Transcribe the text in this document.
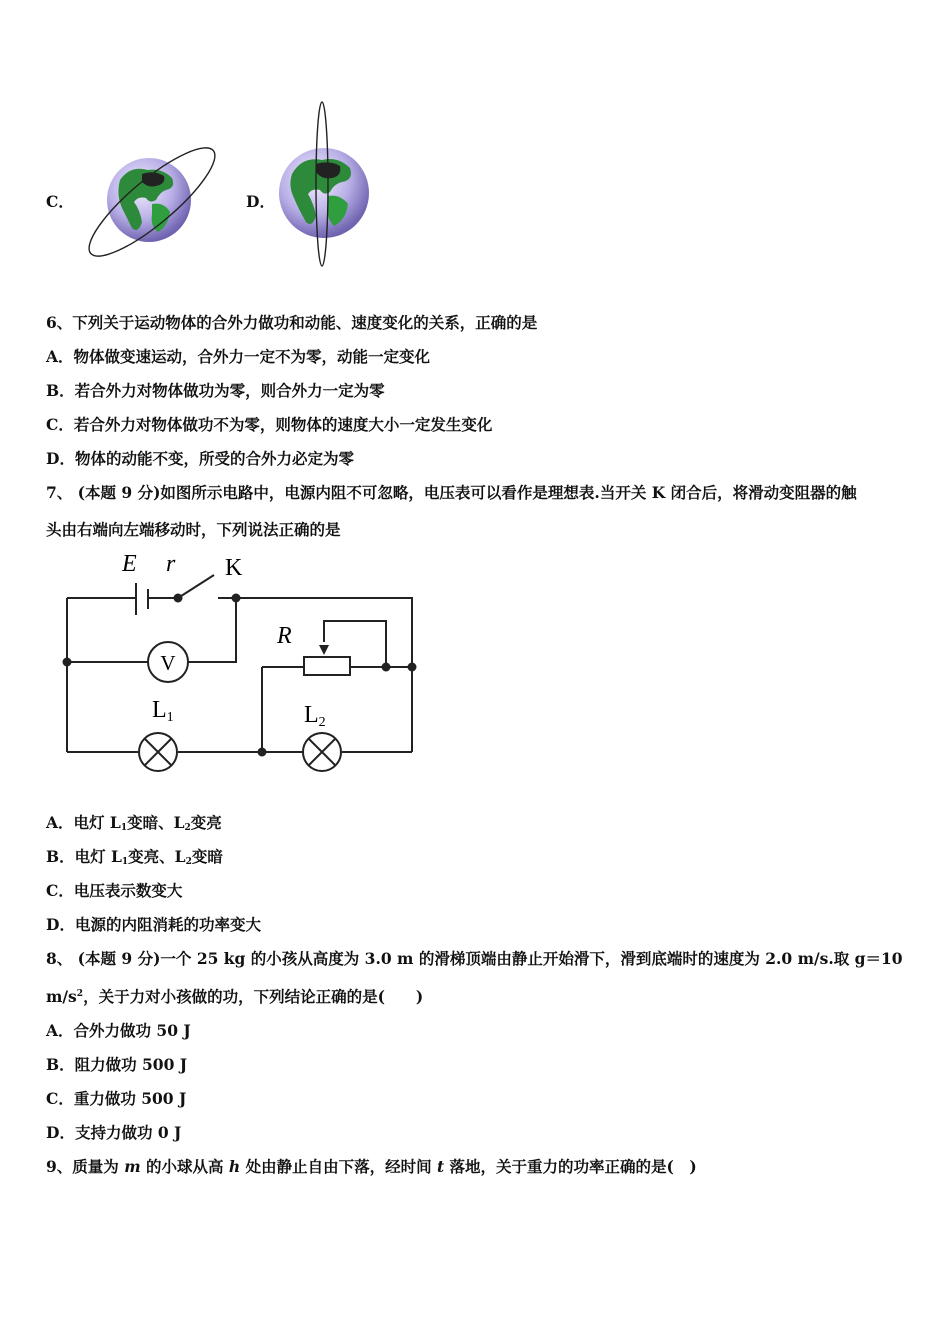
C．	D．
6、下列关于运动物体的合外力做功和动能、速度变化的关系，正确的是
A．物体做变速运动，合外力一定不为零，动能一定变化
B．若合外力对物体做功为零，则合外力一定为零
C．若合外力对物体做功不为零，则物体的速度大小一定发生变化
D．物体的动能不变，所受的合外力必定为零
7、 (本题 9 分)如图所示电路中，电源内阻不可忽略，电压表可以看作是理想表.当开关 K 闭合后，将滑动变阻器的触
头由右端向左端移动时，下列说法正确的是
V
E r K
R
L1	L2
A．电灯 $L_1$变暗、$L_2$变亮
B．电灯 $L_1$变亮、$L_2$变暗
C．电压表示数变大
D．电源的内阻消耗的功率变大
8、 (本题 9 分)一个 25 kg 的小孩从高度为 3.0 m 的滑梯顶端由静止开始滑下，滑到底端时的速度为 2.0 m/s.取 g＝10
$m/s^2$，关于力对小孩做的功，下列结论正确的是(　　)
A．合外力做功 50 J
B．阻力做功 500 J
C．重力做功 500 J
D．支持力做功 0 J
9、质量为 m 的小球从高 h 处由静止自由下落，经时间 t 落地，关于重力的功率正确的是(　)
